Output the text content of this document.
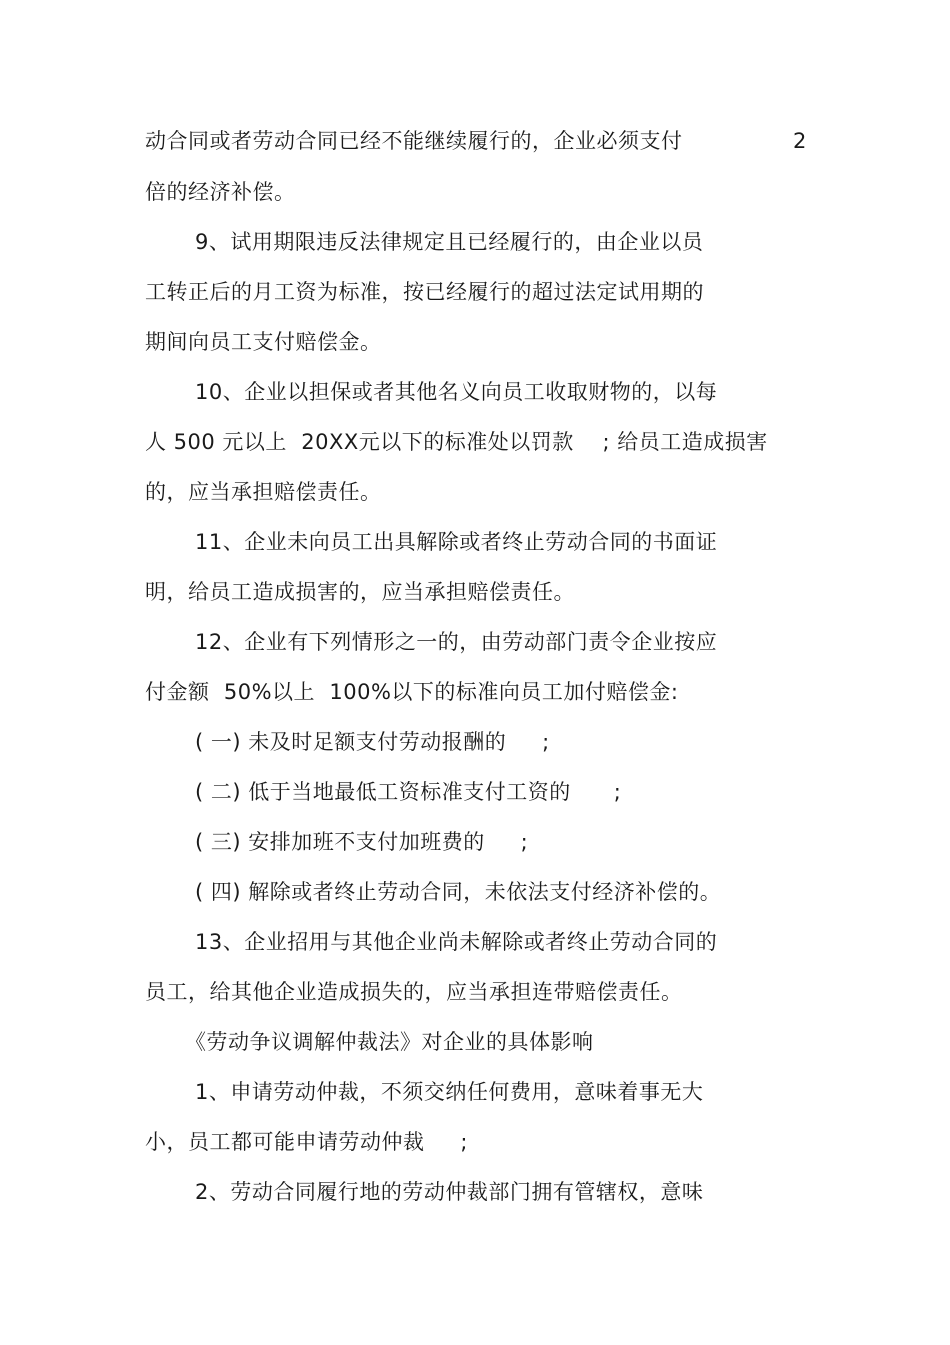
动合同或者劳动合同已经不能继续履行的，企业必须支付	2
倍的经济补偿。
9、试用期限违反法律规定且已经履行的，由企业以员
工转正后的月工资为标准，按已经履行的超过法定试用期的
期间向员工支付赔偿金。
10、企业以担保或者其他名义向员工收取财物的，以每
人 500 元以上  20XX元以下的标准处以罚款    ; 给员工造成损害
的，应当承担赔偿责任。
11、企业未向员工出具解除或者终止劳动合同的书面证
明，给员工造成损害的，应当承担赔偿责任。
12、企业有下列情形之一的，由劳动部门责令企业按应
付金额  50%以上  100%以下的标准向员工加付赔偿金:
( 一) 未及时足额支付劳动报酬的     ;
( 二) 低于当地最低工资标准支付工资的      ;
( 三) 安排加班不支付加班费的     ;
( 四) 解除或者终止劳动合同，未依法支付经济补偿的。
13、企业招用与其他企业尚未解除或者终止劳动合同的
员工，给其他企业造成损失的，应当承担连带赔偿责任。
《劳动争议调解仲裁法》对企业的具体影响
1、申请劳动仲裁，不须交纳任何费用，意味着事无大
小，员工都可能申请劳动仲裁     ;
2、劳动合同履行地的劳动仲裁部门拥有管辖权，意味
